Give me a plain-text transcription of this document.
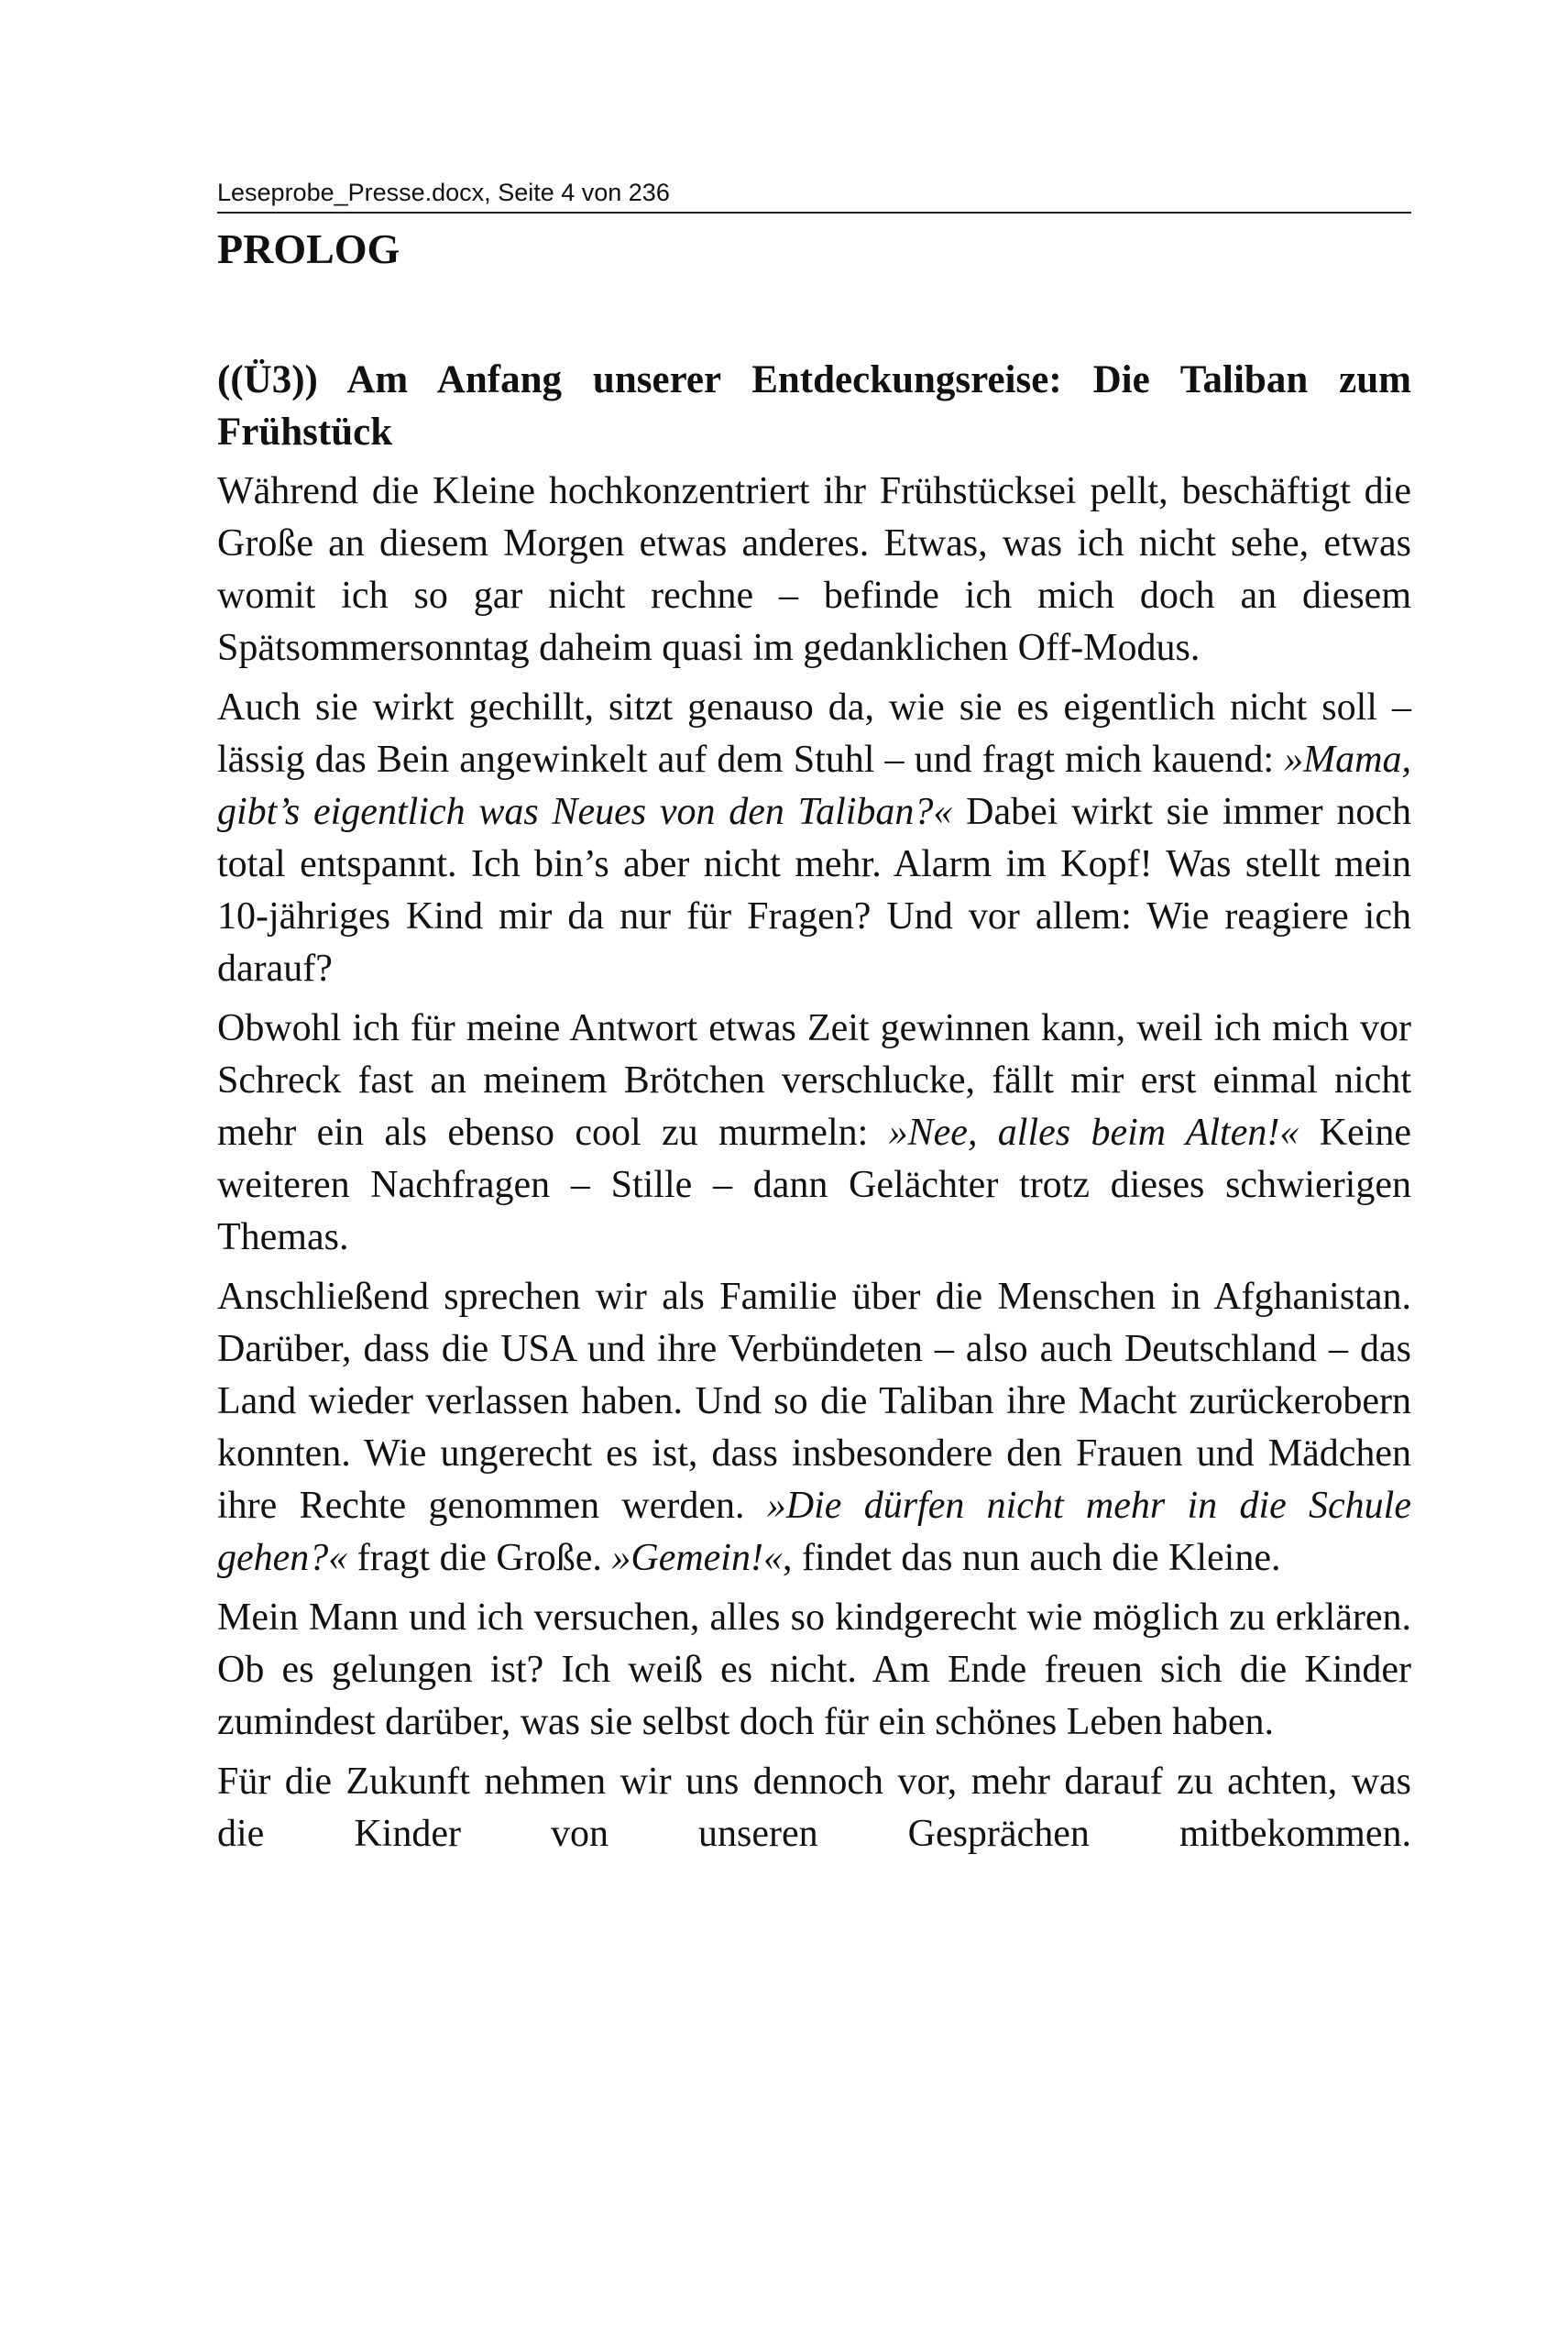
Leseprobe_Presse.docx, Seite 4 von 236
PROLOG
((Ü3)) Am Anfang unserer Entdeckungsreise: Die Taliban zum Frühstück

Während die Kleine hochkonzentriert ihr Frühstücksei pellt, beschäftigt die Große an diesem Morgen etwas anderes. Etwas, was ich nicht sehe, etwas womit ich so gar nicht rechne – befinde ich mich doch an diesem Spätsommersonntag daheim quasi im gedanklichen Off-Modus.

Auch sie wirkt gechillt, sitzt genauso da, wie sie es eigentlich nicht soll – lässig das Bein angewinkelt auf dem Stuhl – und fragt mich kauend: »Mama, gibt’s eigentlich was Neues von den Taliban?« Dabei wirkt sie immer noch total entspannt. Ich bin’s aber nicht mehr. Alarm im Kopf! Was stellt mein 10-jähriges Kind mir da nur für Fragen? Und vor allem: Wie reagiere ich darauf?

Obwohl ich für meine Antwort etwas Zeit gewinnen kann, weil ich mich vor Schreck fast an meinem Brötchen verschlucke, fällt mir erst einmal nicht mehr ein als ebenso cool zu murmeln: »Nee, alles beim Alten!« Keine weiteren Nachfragen – Stille – dann Gelächter trotz dieses schwierigen Themas.

Anschließend sprechen wir als Familie über die Menschen in Afghanistan. Darüber, dass die USA und ihre Verbündeten – also auch Deutschland – das Land wieder verlassen haben. Und so die Taliban ihre Macht zurückerobern konnten. Wie ungerecht es ist, dass insbesondere den Frauen und Mädchen ihre Rechte genommen werden. »Die dürfen nicht mehr in die Schule gehen?« fragt die Große. »Gemein!«, findet das nun auch die Kleine.

Mein Mann und ich versuchen, alles so kindgerecht wie möglich zu erklären. Ob es gelungen ist? Ich weiß es nicht. Am Ende freuen sich die Kinder zumindest darüber, was sie selbst doch für ein schönes Leben haben.

Für die Zukunft nehmen wir uns dennoch vor, mehr darauf zu achten, was die Kinder von unseren Gesprächen mitbekommen.
